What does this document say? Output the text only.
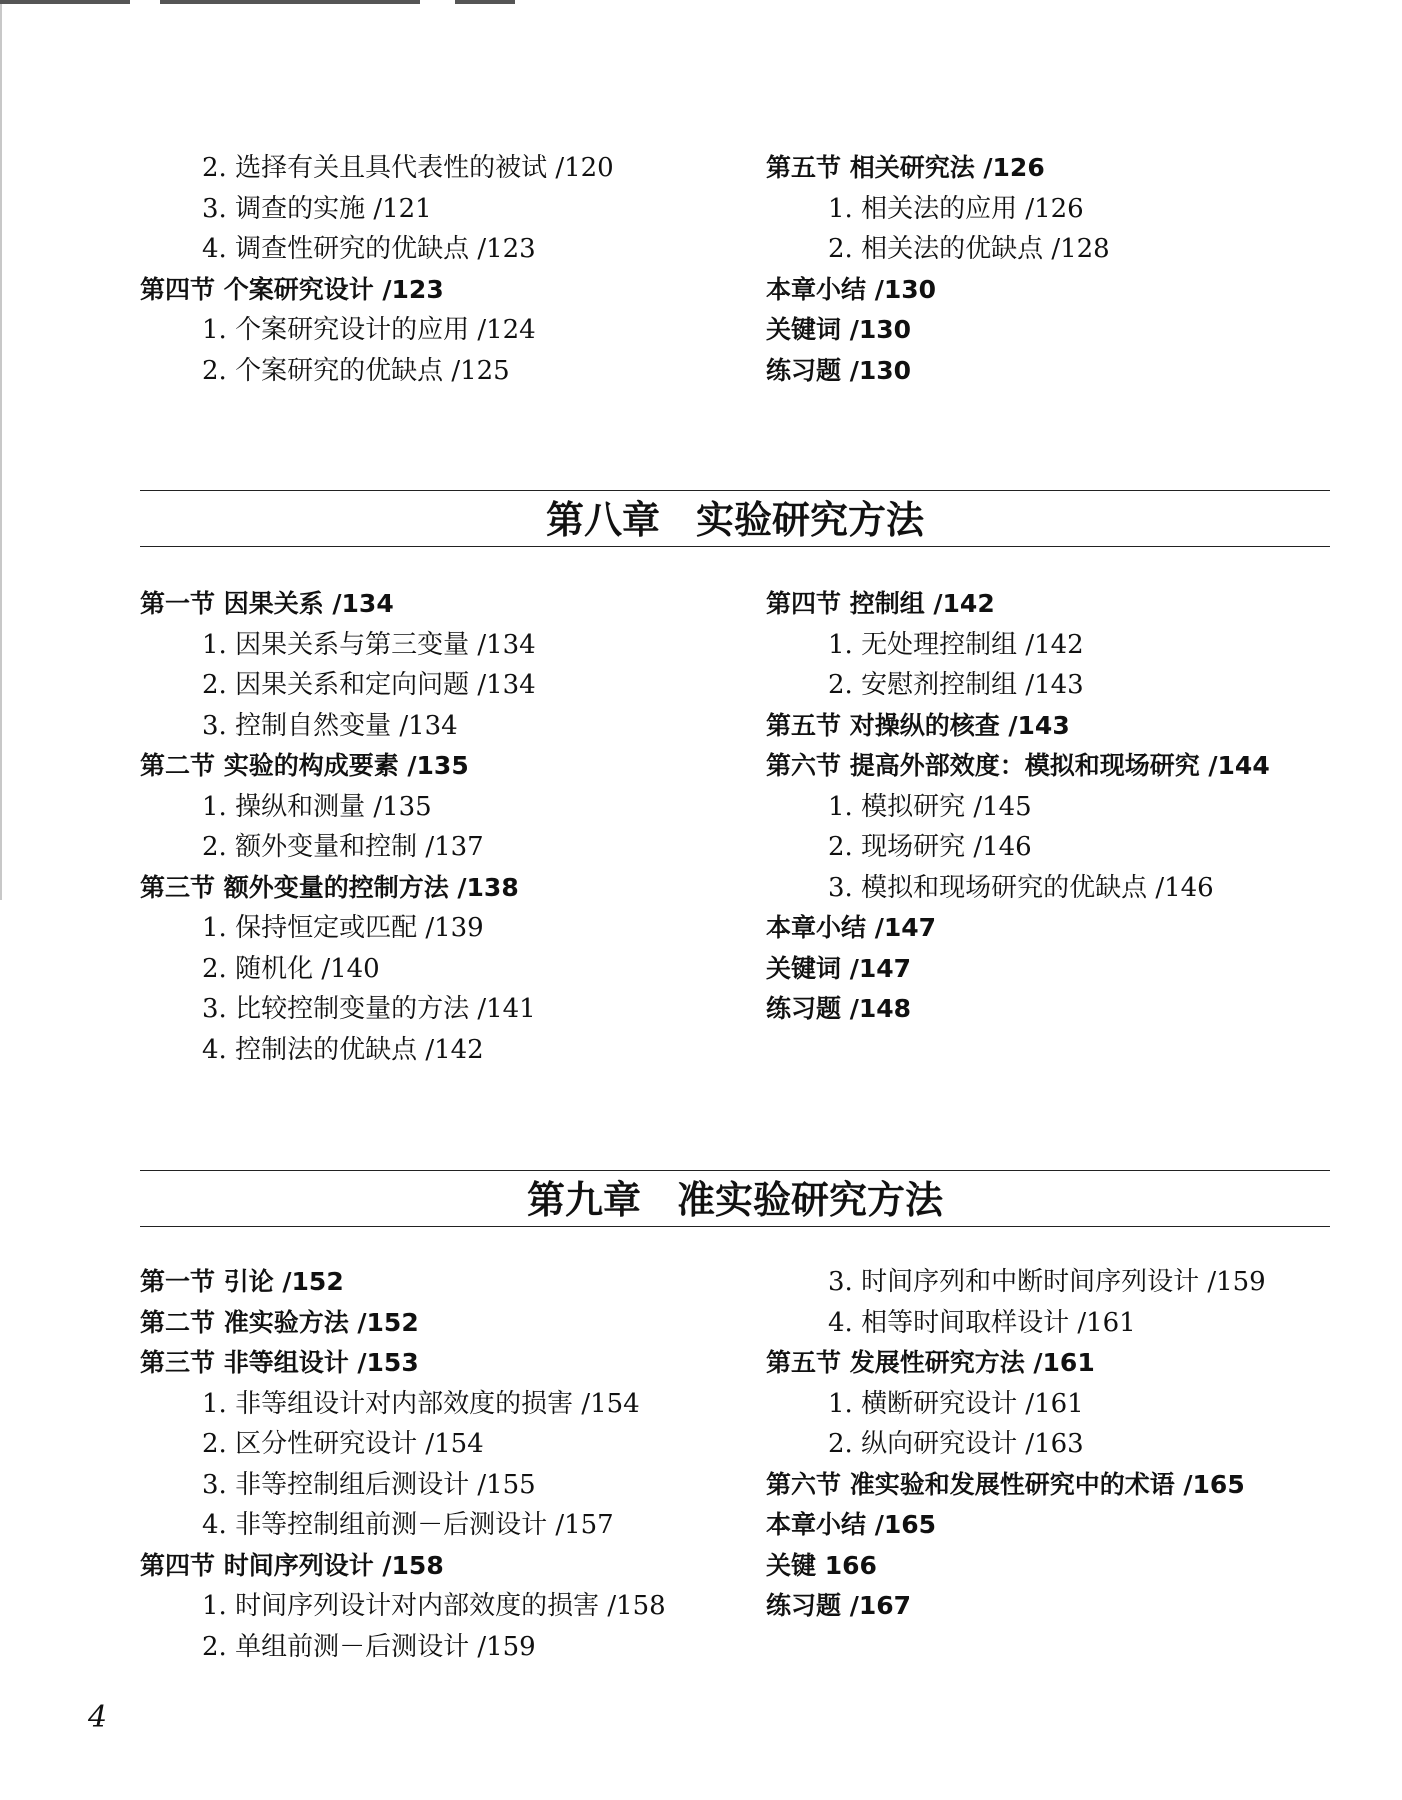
2. 选择有关且具代表性的被试 /120
3. 调查的实施 /121
4. 调查性研究的优缺点 /123
第四节 个案研究设计 /123
1. 个案研究设计的应用 /124
2. 个案研究的优缺点 /125
第五节 相关研究法 /126
1. 相关法的应用 /126
2. 相关法的优缺点 /128
本章小结 /130
关键词 /130
练习题 /130
第八章 实验研究方法
第一节 因果关系 /134
1. 因果关系与第三变量 /134
2. 因果关系和定向问题 /134
3. 控制自然变量 /134
第二节 实验的构成要素 /135
1. 操纵和测量 /135
2. 额外变量和控制 /137
第三节 额外变量的控制方法 /138
1. 保持恒定或匹配 /139
2. 随机化 /140
3. 比较控制变量的方法 /141
4. 控制法的优缺点 /142
第四节 控制组 /142
1. 无处理控制组 /142
2. 安慰剂控制组 /143
第五节 对操纵的核查 /143
第六节 提高外部效度：模拟和现场研究 /144
1. 模拟研究 /145
2. 现场研究 /146
3. 模拟和现场研究的优缺点 /146
本章小结 /147
关键词 /147
练习题 /148
第九章 准实验研究方法
第一节 引论 /152
第二节 准实验方法 /152
第三节 非等组设计 /153
1. 非等组设计对内部效度的损害 /154
2. 区分性研究设计 /154
3. 非等控制组后测设计 /155
4. 非等控制组前测－后测设计 /157
第四节 时间序列设计 /158
1. 时间序列设计对内部效度的损害 /158
2. 单组前测－后测设计 /159
3. 时间序列和中断时间序列设计 /159
4. 相等时间取样设计 /161
第五节 发展性研究方法 /161
1. 横断研究设计 /161
2. 纵向研究设计 /163
第六节 准实验和发展性研究中的术语 /165
本章小结 /165
关键 166
练习题 /167
4
